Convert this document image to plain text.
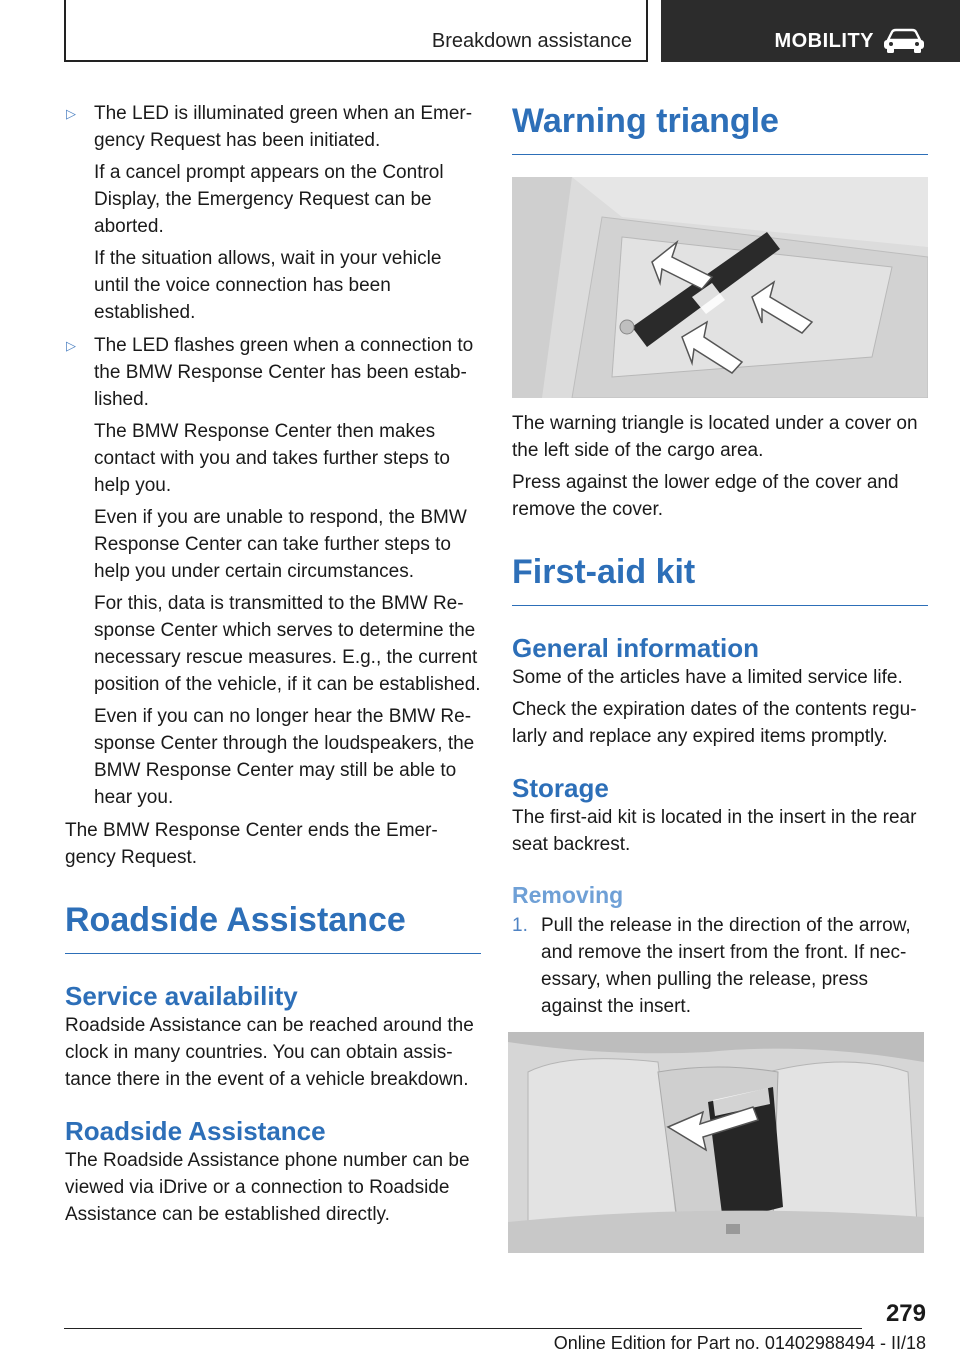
Breakdown assistance	MOBILITY
▷ The LED is illuminated green when an Emer‐gency Request has been initiated.

If a cancel prompt appears on the Control Display, the Emergency Request can be aborted.

If the situation allows, wait in your vehicle until the voice connection has been established.

▷ The LED flashes green when a connection to the BMW Response Center has been estab‐lished.

The BMW Response Center then makes contact with you and takes further steps to help you.

Even if you are unable to respond, the BMW Response Center can take further steps to help you under certain circumstances.

For this, data is transmitted to the BMW Re‐sponse Center which serves to determine the necessary rescue measures. E.g., the current position of the vehicle, if it can be established.

Even if you can no longer hear the BMW Re‐sponse Center through the loudspeakers, the BMW Response Center may still be able to hear you.

The BMW Response Center ends the Emer‐gency Request.

Roadside Assistance
Service availability

Roadside Assistance can be reached around the clock in many countries. You can obtain assis‐tance there in the event of a vehicle breakdown.

Roadside Assistance

The Roadside Assistance phone number can be viewed via iDrive or a connection to Roadside Assistance can be established directly.

Warning triangle

The warning triangle is located under a cover on the left side of the cargo area.

Press against the lower edge of the cover and remove the cover.

First-aid kit
General information

Some of the articles have a limited service life.

Check the expiration dates of the contents regu‐larly and replace any expired items promptly.

Storage

The first-aid kit is located in the insert in the rear seat backrest.

Removing
1. Pull the release in the direction of the arrow, and remove the insert from the front. If nec‐essary, when pulling the release, press against the insert.

279
Online Edition for Part no. 01402988494 - II/18
